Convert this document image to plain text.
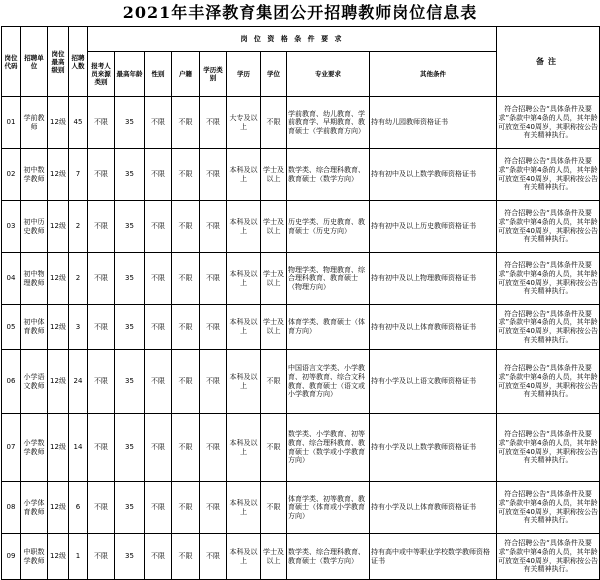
2021年丰泽教育集团公开招聘教师岗位信息表
岗位代码	招聘单位	岗位最高级别	招聘人数	岗 位 资 格 条 件 要 求									备注
				报考人员来源类别	最高年龄	性别	户籍	学历类别	学历	学位	专业要求	其他条件	
01	学前教师	12级	45	不限	35	不限	不限	不限	大专及以上	不限	学前教育、幼儿教育、学前教育学、早期教育、教育硕士（学前教育方向）	持有幼儿园教师资格证书	符合招聘公告“具体条件及要求”条款中第4条的人员，其年龄可放宽至40周岁，其职称按公告有关精神执行。
02	初中数学教师	12级	7	不限	35	不限	不限	不限	本科及以上	学士及以上	数学类、综合理科教育、教育硕士（数学方向）	持有初中及以上数学教师资格证书	符合招聘公告“具体条件及要求”条款中第4条的人员，其年龄可放宽至40周岁，其职称按公告有关精神执行。
03	初中历史教师	12级	2	不限	35	不限	不限	不限	本科及以上	学士及以上	历史学类、历史教育、教育硕士（历史方向）	持有初中及以上历史教师资格证书	符合招聘公告“具体条件及要求”条款中第4条的人员，其年龄可放宽至40周岁，其职称按公告有关精神执行。
04	初中物理教师	12级	2	不限	35	不限	不限	不限	本科及以上	学士及以上	物理学类、物理教育、综合理科教育、教育硕士（物理方向）	持有初中及以上物理教师资格证书	符合招聘公告“具体条件及要求”条款中第4条的人员，其年龄可放宽至40周岁，其职称按公告有关精神执行。
05	初中体育教师	12级	3	不限	35	不限	不限	不限	本科及以上	学士及以上	体育学类、教育硕士（体育方向）	持有初中及以上体育教师资格证书	符合招聘公告“具体条件及要求”条款中第4条的人员，其年龄可放宽至40周岁，其职称按公告有关精神执行。
06	小学语文教师	12级	24	不限	35	不限	不限	不限	本科及以上	不限	中国语言文学类、小学教育、初等教育、综合文科教育、教育硕士（语文或小学教育方向）	持有小学及以上语文教师资格证书	符合招聘公告“具体条件及要求”条款中第4条的人员，其年龄可放宽至40周岁，其职称按公告有关精神执行。
07	小学数学教师	12级	14	不限	35	不限	不限	不限	本科及以上	不限	数学类、小学教育、初等教育、综合理科教育、教育硕士（数学或小学教育方向）	持有小学及以上数学教师资格证书	符合招聘公告“具体条件及要求”条款中第4条的人员，其年龄可放宽至40周岁，其职称按公告有关精神执行。
08	小学体育教师	12级	6	不限	35	不限	不限	不限	本科及以上	不限	体育学类、初等教育、教育硕士（体育或小学教育方向）	持有小学及以上体育教师资格证书	符合招聘公告“具体条件及要求”条款中第4条的人员，其年龄可放宽至40周岁，其职称按公告有关精神执行。
09	中职数学教师	12级	1	不限	35	不限	不限	不限	本科及以上	学士及以上	数学类、综合理科教育、教育硕士（数学方向）	持有高中或中等职业学校数学教师资格证书	符合招聘公告“具体条件及要求”条款中第4条的人员，其年龄可放宽至40周岁，其职称按公告有关精神执行。
